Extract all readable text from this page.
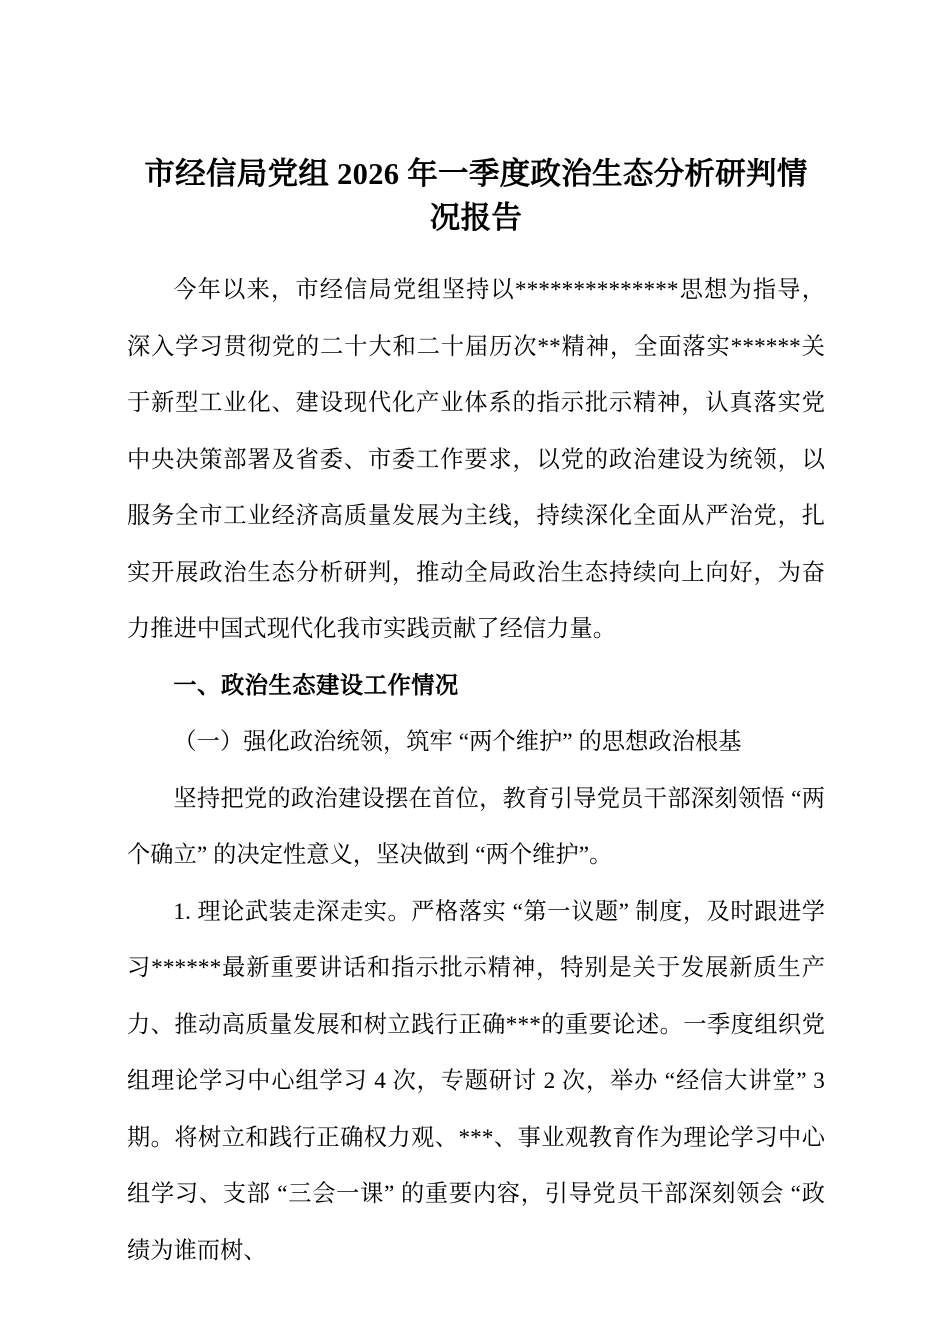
市经信局党组 2026 年一季度政治生态分析研判情况报告

今年以来，市经信局党组坚持以**************思想为指导，深入学习贯彻党的二十大和二十届历次**精神，全面落实******关于新型工业化、建设现代化产业体系的指示批示精神，认真落实党中央决策部署及省委、市委工作要求，以党的政治建设为统领，以服务全市工业经济高质量发展为主线，持续深化全面从严治党，扎实开展政治生态分析研判，推动全局政治生态持续向上向好，为奋力推进中国式现代化我市实践贡献了经信力量。

一、政治生态建设工作情况

（一）强化政治统领，筑牢 “两个维护” 的思想政治根基

坚持把党的政治建设摆在首位，教育引导党员干部深刻领悟 “两个确立” 的决定性意义，坚决做到 “两个维护”。

1. 理论武装走深走实。严格落实 “第一议题” 制度，及时跟进学习******最新重要讲话和指示批示精神，特别是关于发展新质生产力、推动高质量发展和树立践行正确***的重要论述。一季度组织党组理论学习中心组学习 4 次，专题研讨 2 次，举办 “经信大讲堂” 3 期。将树立和践行正确权力观、***、事业观教育作为理论学习中心组学习、支部 “三会一课” 的重要内容，引导党员干部深刻领会 “政绩为谁而树、
